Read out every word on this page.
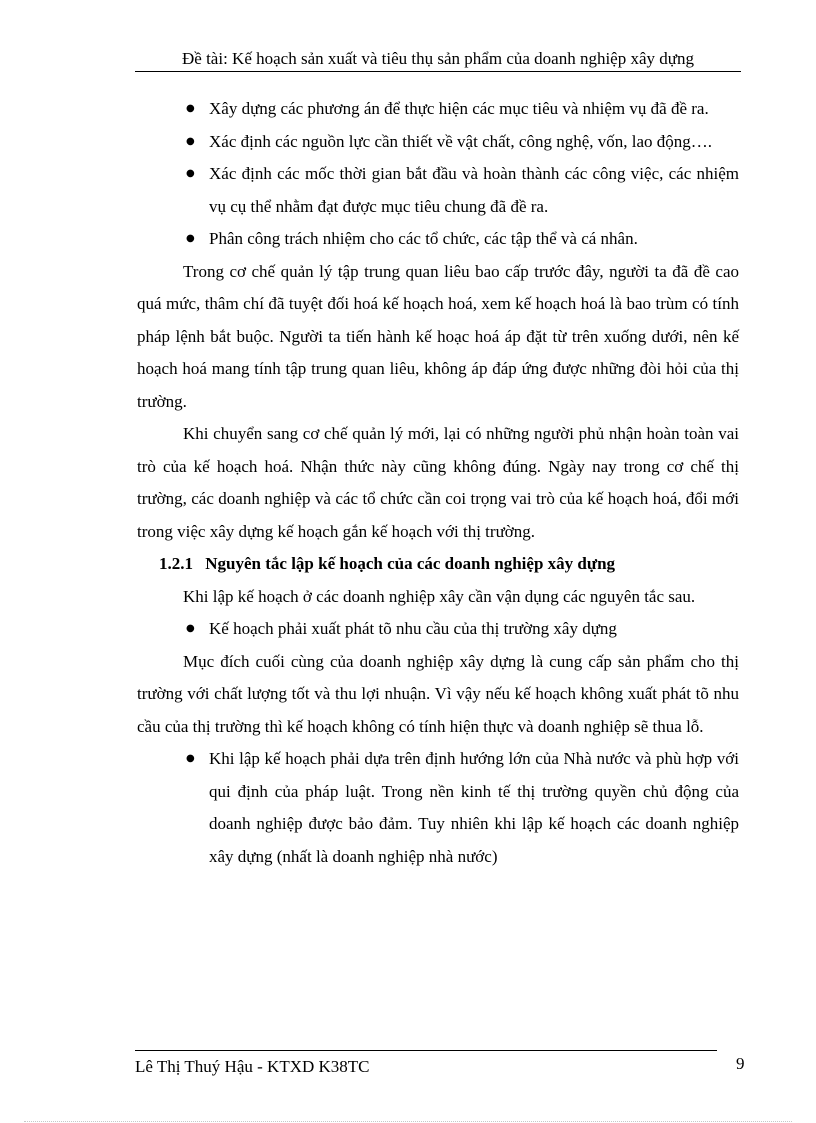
Đề tài: Kế hoạch sản xuất và tiêu thụ sản phẩm của doanh nghiệp xây dựng
● Xây dựng các phương án để thực hiện các mục tiêu và nhiệm vụ đã đề ra.
● Xác định các nguồn lực cần thiết về vật chất, công nghệ, vốn, lao động….
● Xác định các mốc thời gian bắt đầu và hoàn thành các công việc, các nhiệm vụ cụ thể nhằm đạt được mục tiêu chung đã đề ra.
● Phân công trách nhiệm cho các tổ chức, các tập thể và cá nhân.

Trong cơ chế quản lý tập trung quan liêu bao cấp trước đây, người ta đã đề cao quá mức, thâm chí đã tuyệt đối hoá kế hoạch hoá, xem kế hoạch hoá là bao trùm có tính pháp lệnh bắt buộc. Người ta tiến hành kế hoạc hoá áp đặt từ trên xuống dưới, nên kế hoạch hoá mang tính tập trung quan liêu, không áp đáp ứng được những đòi hỏi của thị trường.

Khi chuyển sang cơ chế quản lý mới, lại có những người phủ nhận hoàn toàn vai trò của kế hoạch hoá. Nhận thức này cũng không đúng. Ngày nay trong cơ chế thị trường, các doanh nghiệp và các tổ chức cần coi trọng vai trò của kế hoạch hoá, đổi mới trong việc xây dựng kế hoạch gắn kế hoạch với thị trường.

1.2.1 Nguyên tắc lập kế hoạch của các doanh nghiệp xây dựng

Khi lập kế hoạch ở các doanh nghiệp xây cần vận dụng các nguyên tắc sau.

● Kế hoạch phải xuất phát tõ nhu cầu của thị trường xây dựng

Mục đích cuối cùng của doanh nghiệp xây dựng là cung cấp sản phẩm cho thị trường với chất lượng tốt và thu lợi nhuận. Vì vậy nếu kế hoạch không xuất phát tõ nhu cầu của thị trường thì kế hoạch không có tính hiện thực và doanh nghiệp sẽ thua lỗ.

● Khi lập kế hoạch phải dựa trên định hướng lớn của Nhà nước và phù hợp với qui định của pháp luật. Trong nền kinh tế thị trường quyền chủ động của doanh nghiệp được bảo đảm. Tuy nhiên khi lập kế hoạch các doanh nghiệp xây dựng (nhất là doanh nghiệp nhà nước)
Lê Thị Thuý Hậu - KTXD K38TC	9
